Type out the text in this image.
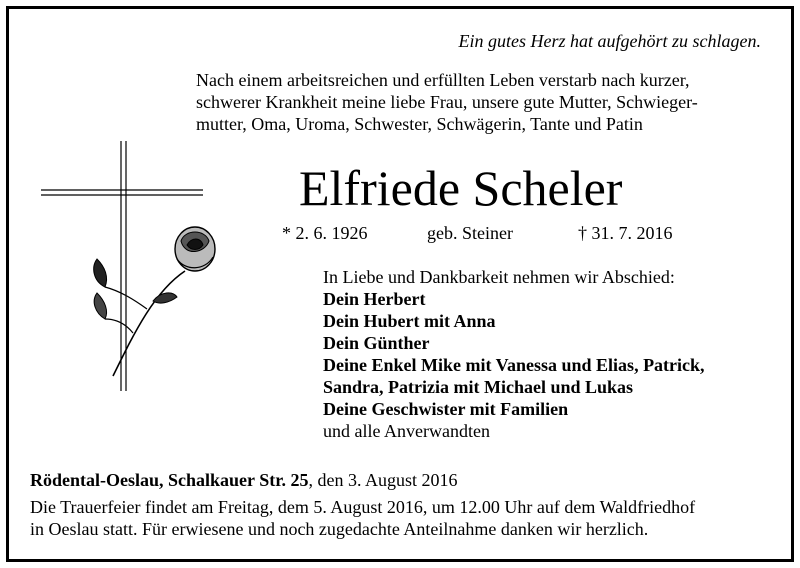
Ein gutes Herz hat aufgehört zu schlagen.

Nach einem arbeitsreichen und erfüllten Leben verstarb nach kurzer,
schwerer Krankheit meine liebe Frau, unsere gute Mutter, Schwieger-
mutter, Oma, Uroma, Schwester, Schwägerin, Tante und Patin

Elfriede Scheler
* 2. 6. 1926	geb. Steiner	† 31. 7. 2016
In Liebe und Dankbarkeit nehmen wir Abschied:
Dein Herbert
Dein Hubert mit Anna
Dein Günther
Deine Enkel Mike mit Vanessa und Elias, Patrick,
Sandra, Patrizia mit Michael und Lukas
Deine Geschwister mit Familien
und alle Anverwandten

Rödental-Oeslau, Schalkauer Str. 25, den 3. August 2016

Die Trauerfeier findet am Freitag, dem 5. August 2016, um 12.00 Uhr auf dem Waldfriedhof
in Oeslau statt. Für erwiesene und noch zugedachte Anteilnahme danken wir herzlich.
